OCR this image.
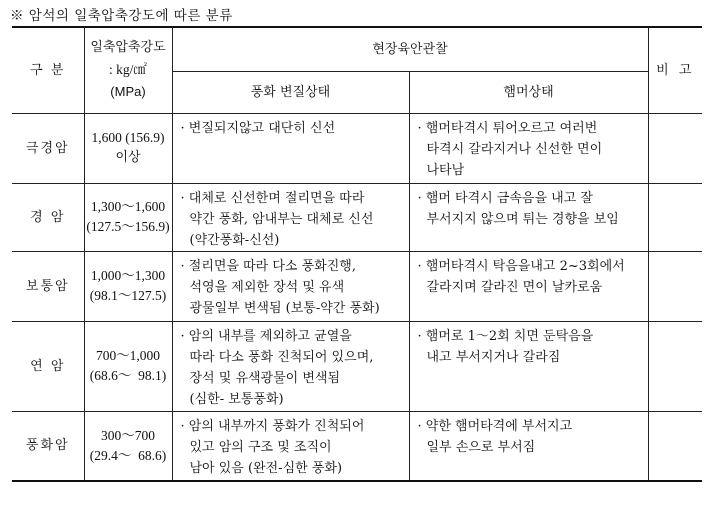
※ 암석의 일축압축강도에 따른 분류
구 분	일축압축강도
: kg/㎠
(MPa)	현장육안관찰		비 고
		풍화 변질상태	햄머상태	
극경암	1,600 (156.9)
이상	· 변질되지않고 대단히 신선	· 햄머타격시 튀어오르고 여러번
타격시 갈라지거나 신선한 면이
나타남	

경 암	1,300～1,600
(127.5～156.9)	· 대체로 신선한며 절리면을 따라
약간 풍화, 암내부는 대체로 신선
(약간풍화-신선)	· 햄머 타격시 금속음을 내고 잘
부서지지 않으며 튀는 경향을 보임	

보통암	1,000～1,300
(98.1～127.5)	· 절리면을 따라 다소 풍화진행,
석영을 제외한 장석 및 유색
광물일부 변색됨 (보통-약간 풍화)	· 햄머타격시 탁음을내고 2~3회에서
갈라지며 갈라진 면이 날카로움	

연 암	700～1,000
(68.6～  98.1)	· 암의 내부를 제외하고 균열을
따라 다소 풍화 진척되어 있으며,
장석 및 유색광물이 변색됨
(심한- 보통풍화)	· 햄머로 1～2회 치면 둔탁음을
내고 부서지거나 갈라짐	

풍화암	300～700
(29.4～  68.6)	· 암의 내부까지 풍화가 진척되어
있고 암의 구조 및 조직이
남아 있음 (완전-심한 풍화)	· 약한 햄머타격에 부서지고
일부 손으로 부서짐	
